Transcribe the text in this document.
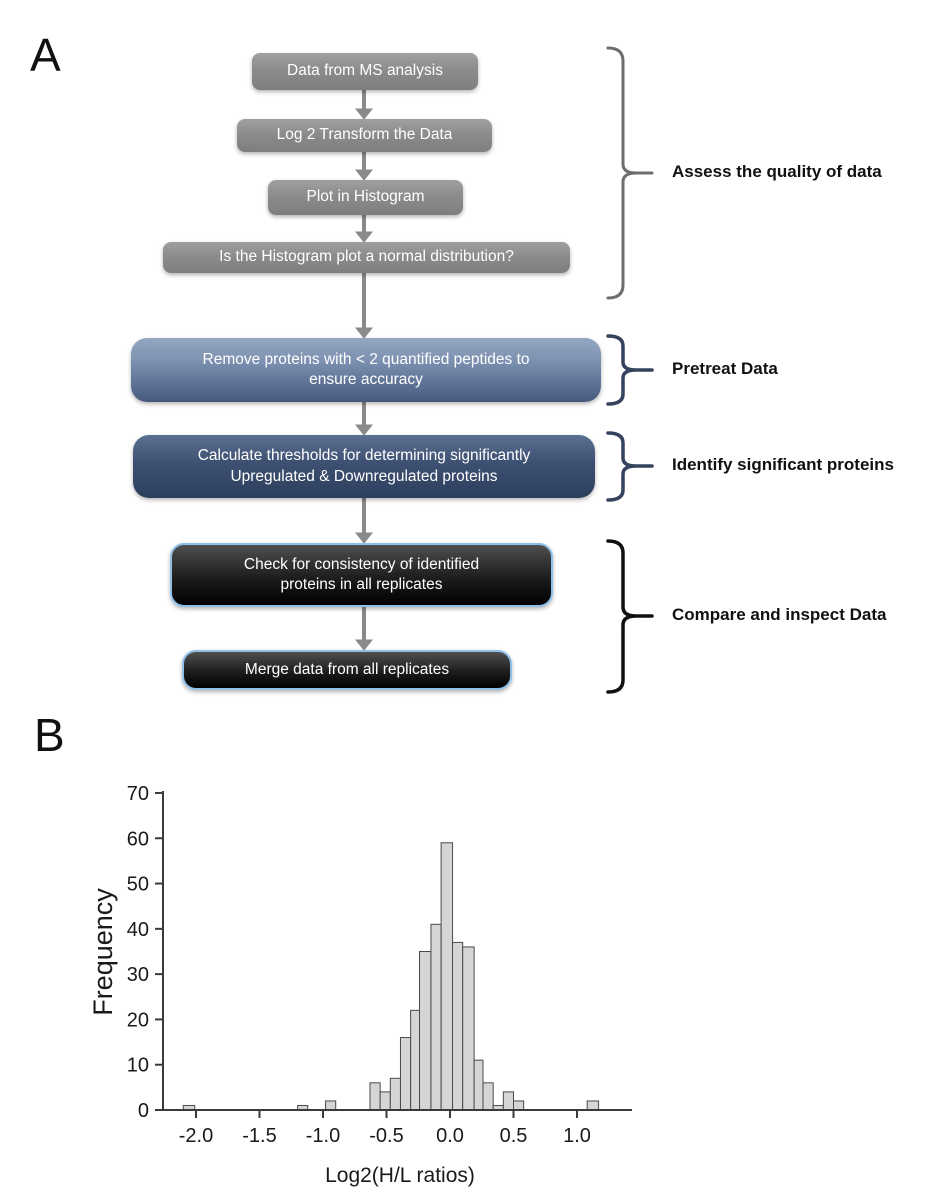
A	Data from MS analysis
Log 2 Transform the Data
Plot in Histogram
Is the Histogram plot a normal distribution?
Remove proteins with < 2 quantified peptides to
ensure accuracy
Calculate thresholds for determining significantly
Upregulated & Downregulated proteins
Check for consistency of identified
proteins in all replicates
Merge data from all replicates
Assess the quality of data
Pretreat Data
Identify significant proteins
Compare and inspect Data
B
0
10
20
30
40
50
60
70
-2.0 -1.5 -1.0 -0.5 0.0 0.5 1.0
Log2(H/L ratios)
Frequency
